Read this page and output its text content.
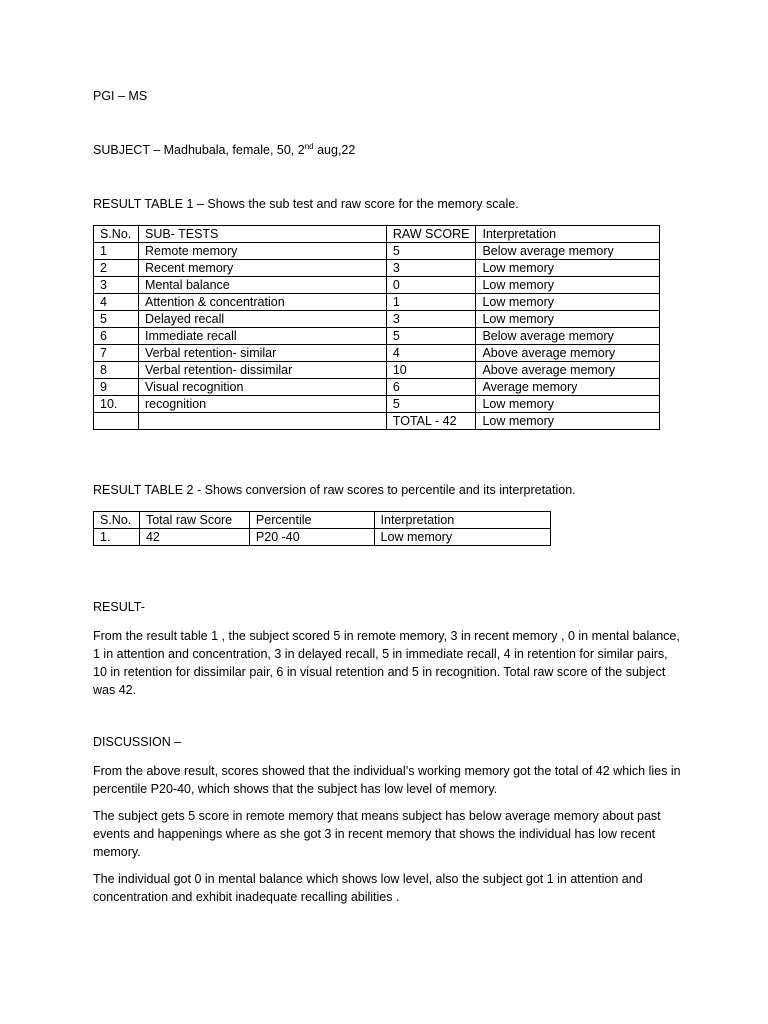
PGI – MS
SUBJECT – Madhubala, female, 50, 2nd aug,22
RESULT TABLE 1 – Shows the sub test and raw score for the memory scale.
S.No.	SUB- TESTS	RAW SCORE	Interpretation
1	Remote memory	5	Below average memory
2	Recent memory	3	Low memory
3	Mental balance	0	Low memory
4	Attention & concentration	1	Low memory
5	Delayed recall	3	Low memory
6	Immediate recall	5	Below average memory
7	Verbal retention- similar	4	Above average memory
8	Verbal retention- dissimilar	10	Above average memory
9	Visual recognition	6	Average memory
10.	recognition	5	Low memory
		TOTAL - 42	Low memory
RESULT TABLE 2 - Shows conversion of raw scores to percentile and its interpretation.
S.No.	Total raw Score	Percentile	Interpretation
1.	42	P20 -40	Low memory
RESULT-
From the result table 1 , the subject scored 5 in remote memory, 3 in recent memory , 0 in mental balance, 1 in attention and concentration, 3 in delayed recall, 5 in immediate recall, 4 in retention for similar pairs, 10 in retention for dissimilar pair, 6 in visual retention and 5 in recognition. Total raw score of the subject was 42.
DISCUSSION –
From the above result, scores showed that the individual’s working memory got the total of 42 which lies in percentile P20-40, which shows that the subject has low level of memory.
The subject gets 5 score in remote memory that means subject has below average memory about past events and happenings where as she got 3 in recent memory that shows the individual has low recent memory.
The individual got 0 in mental balance which shows low level, also the subject got 1 in attention and concentration and exhibit inadequate recalling abilities .
